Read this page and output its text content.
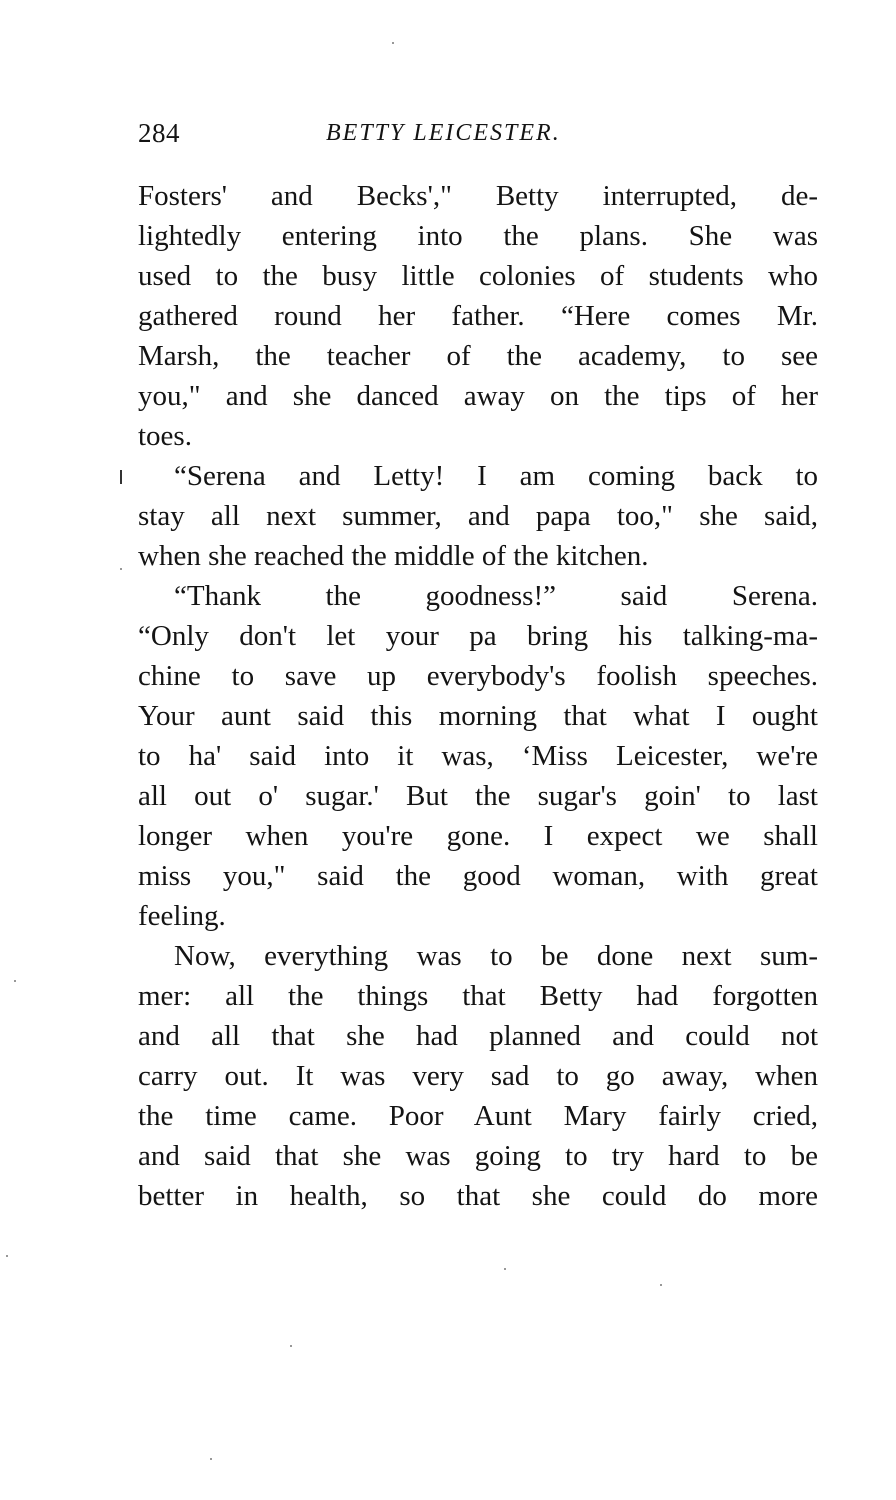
284	BETTY LEICESTER.
Fosters' and Becks'," Betty interrupted, de-
lightedly entering into the plans. She was
used to the busy little colonies of students who
gathered round her father. “Here comes Mr.
Marsh, the teacher of the academy, to see
you," and she danced away on the tips of her
toes.
“Serena and Letty! I am coming back to
stay all next summer, and papa too," she said,
when she reached the middle of the kitchen.
“Thank the goodness!” said Serena.
“Only don't let your pa bring his talking-ma-
chine to save up everybody's foolish speeches.
Your aunt said this morning that what I ought
to ha' said into it was, ‘Miss Leicester, we're
all out o' sugar.' But the sugar's goin' to last
longer when you're gone. I expect we shall
miss you," said the good woman, with great
feeling.
Now, everything was to be done next sum-
mer: all the things that Betty had forgotten
and all that she had planned and could not
carry out. It was very sad to go away, when
the time came. Poor Aunt Mary fairly cried,
and said that she was going to try hard to be
better in health, so that she could do more
